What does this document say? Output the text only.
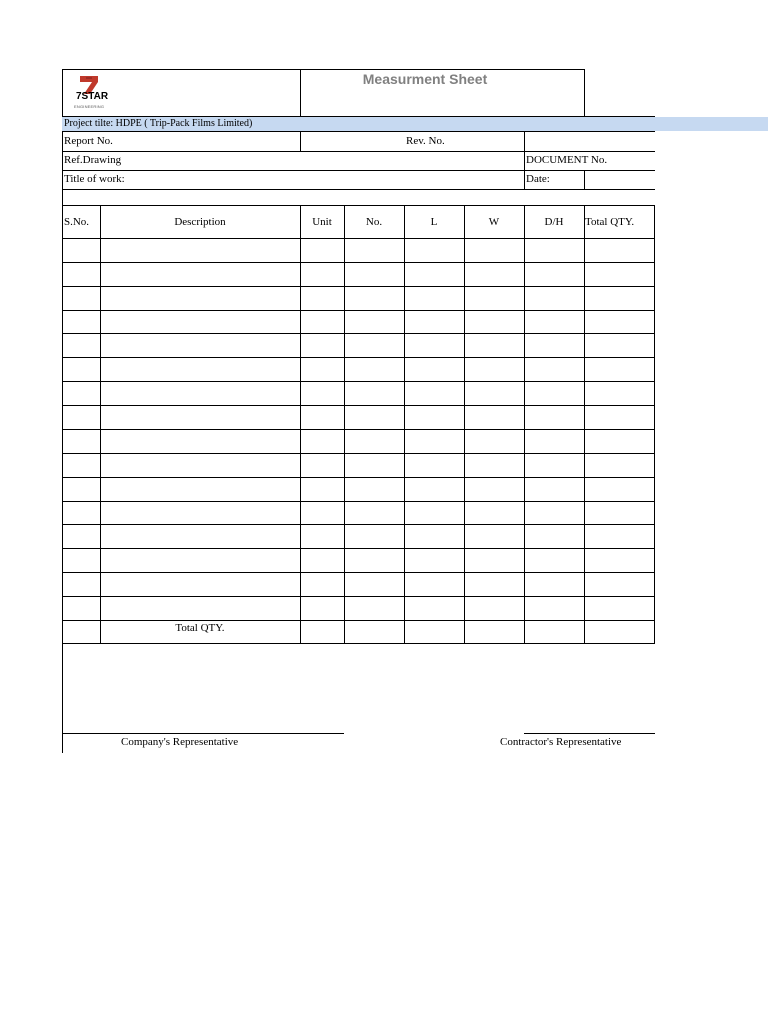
7STAR
ENGINEERING
Measurment Sheet
Project tilte: HDPE ( Trip-Pack Films Limited)
Report No.	Rev. No.
Ref.Drawing	DOCUMENT No.
Title of work:	Date:
S.No.	Description	Unit	No.	L	W	D/H	Total QTY.
Total QTY.
Company's Representative	Contractor's Representative
